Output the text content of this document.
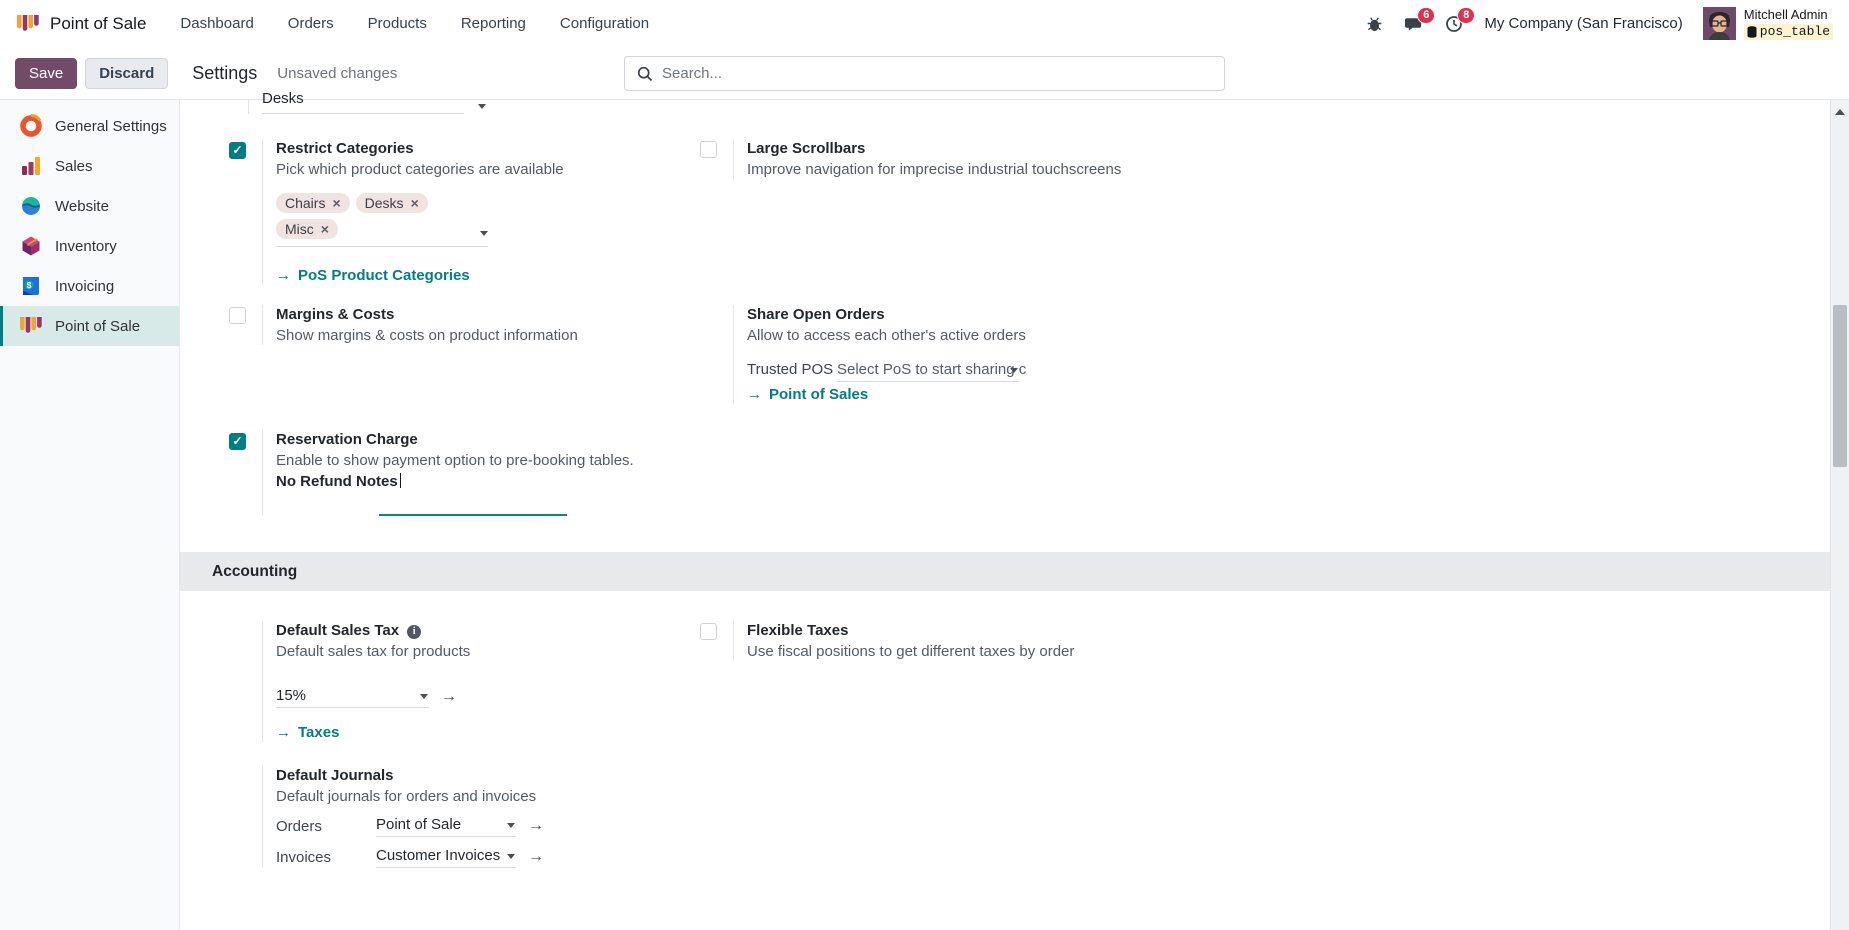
Point of Sale Dashboard Orders Products Reporting Configuration
6	8
My Company (San Francisco)
Mitchell Admin
pos_table
Save	Discard	Settings Unsaved changes
Search...
General Settings
Sales
Website
Inventory
$ Invoicing
Point of Sale
Desks
✓
Restrict Categories
Pick which product categories are available
Chairs ×	Desks
×
Misc
×
→
PoS Product Categories
Large Scrollbars
Improve navigation for imprecise industrial touchscreens
Margins & Costs
Show margins & costs on product information
Share Open Orders
Allow to access each other's active orders
Trusted POS Select PoS to start sharing c
→
Point of Sales
✓
Reservation Charge
Enable to show payment option to pre-booking tables.
No Refund Notes
Accounting
Default Sales Taxi
Default sales tax for products
15%
→
→
Taxes
Flexible Taxes
Use fiscal positions to get different taxes by order
Default Journals
Default journals for orders and invoices
Orders	Point of Sale
→
Invoices	Customer Invoices
→
